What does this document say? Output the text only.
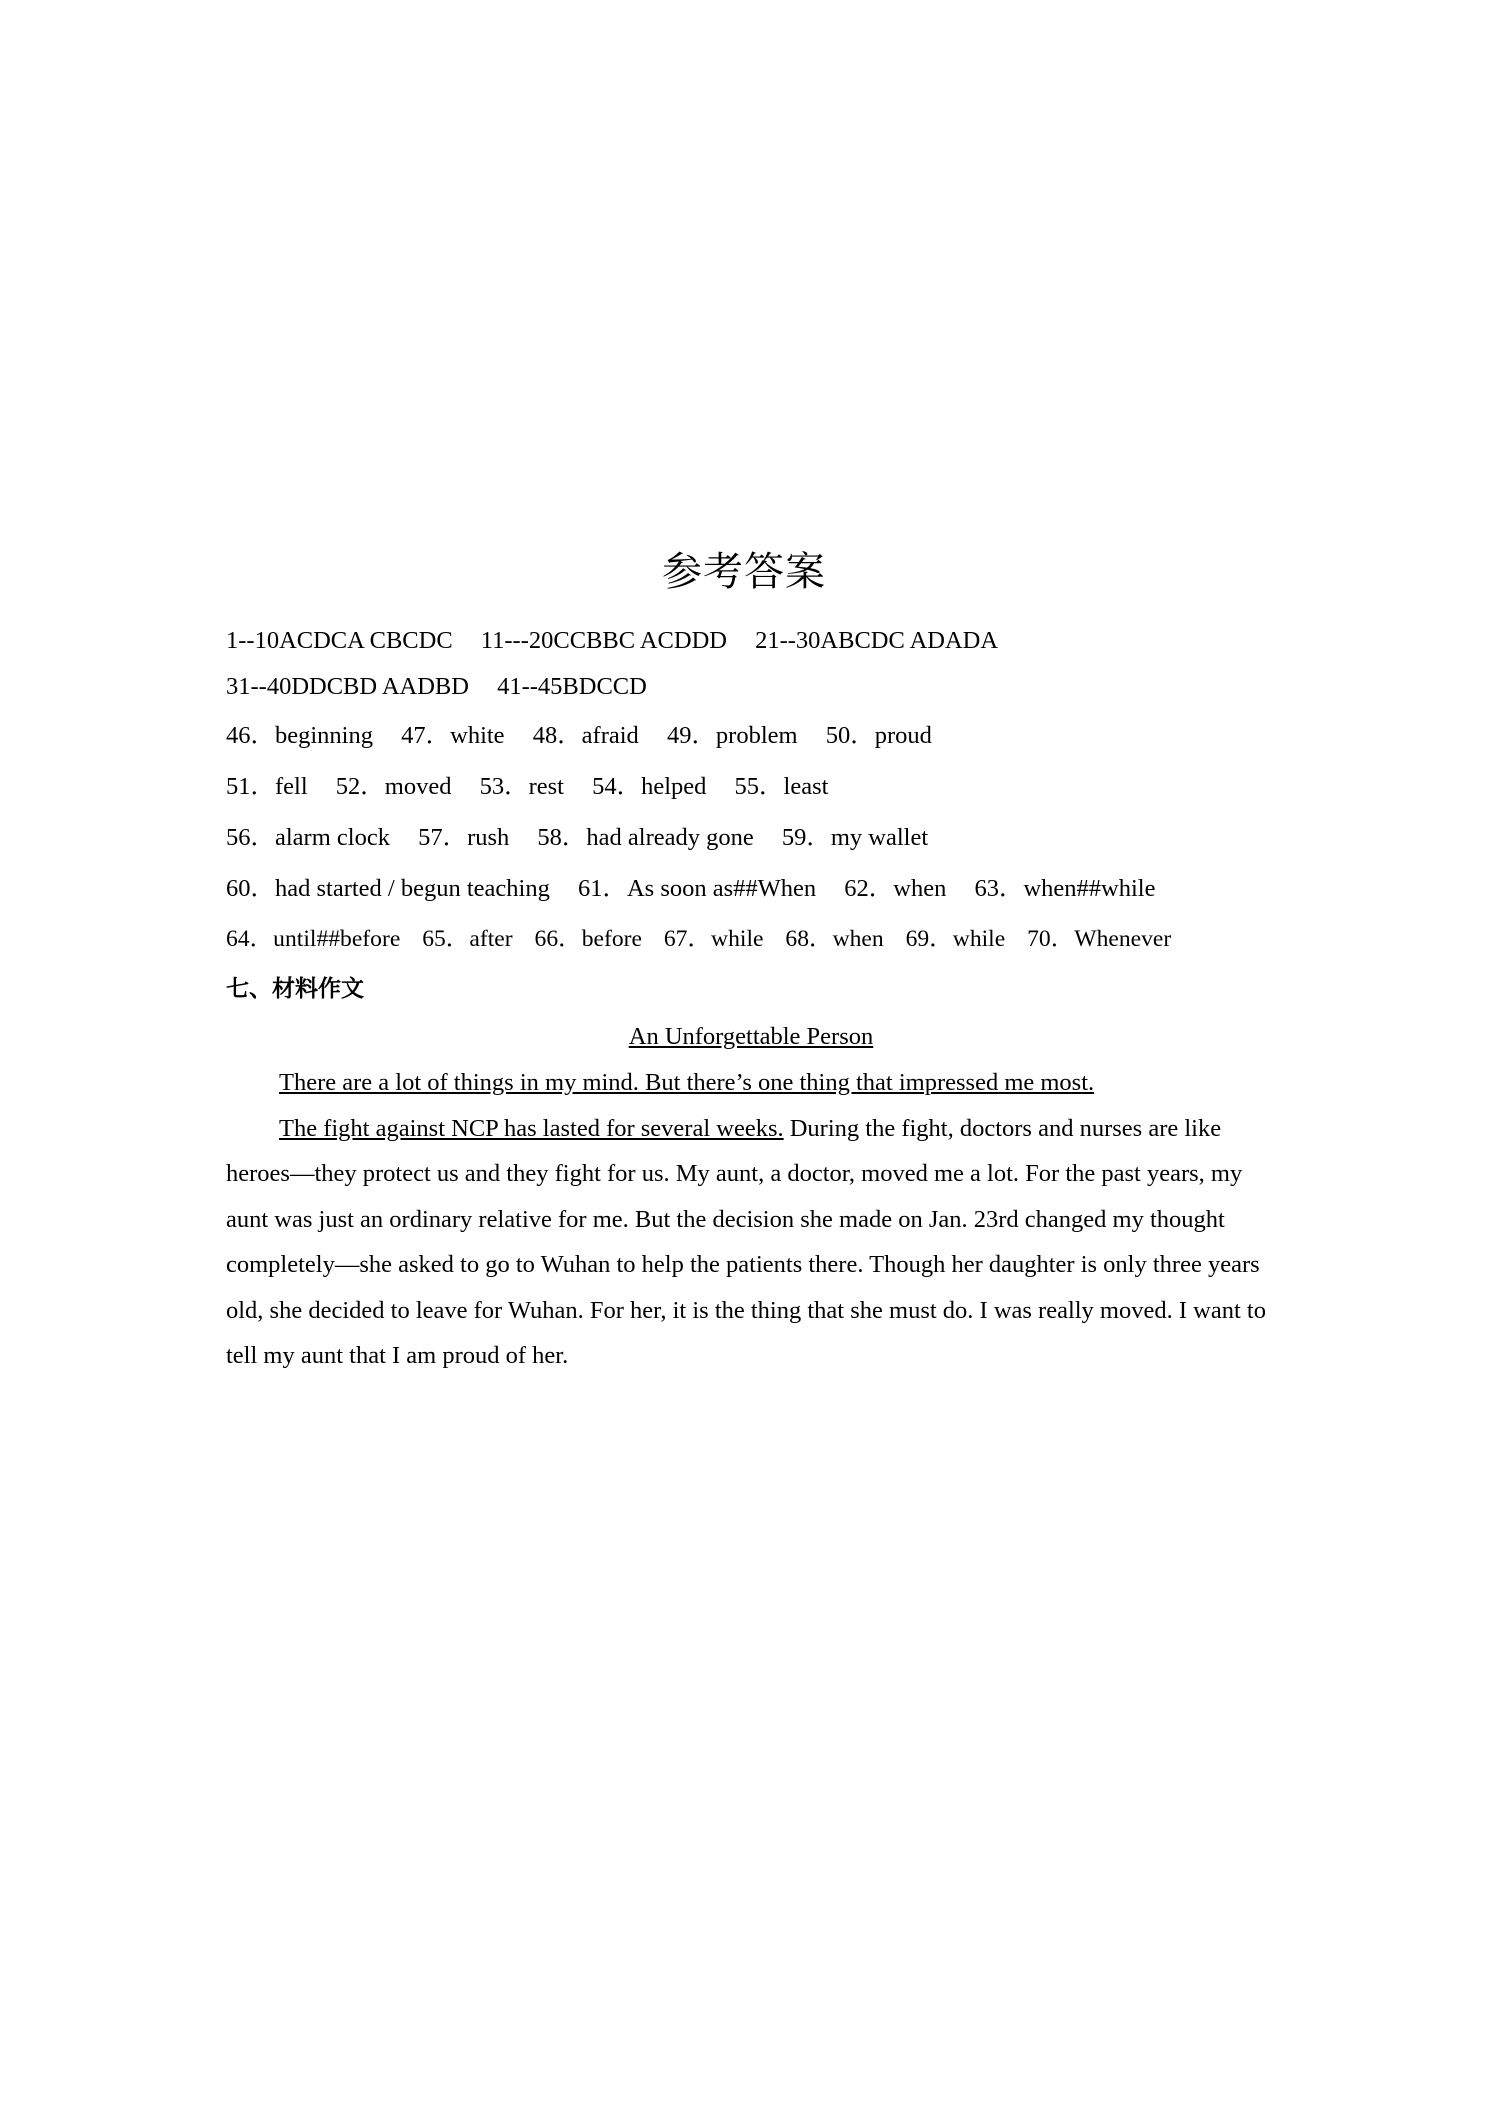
参考答案
1--10ACDCA CBCDC 11---20CCBBC ACDDD 21--30ABCDC ADADA
31--40DDCBD AADBD 41--45BDCCD
46．beginning 47．white 48．afraid 49．problem 50．proud
51．fell 52．moved 53．rest 54．helped 55．least
56．alarm clock 57．rush 58．had already gone 59．my wallet
60．had started / begun teaching 61．As soon as##When 62．when 63．when##while
64．until##before 65．after 66．before 67．while 68．when 69．while 70．Whenever
七、材料作文
An Unforgettable Person

There are a lot of things in my mind. But there’s one thing that impressed me most.

The fight against NCP has lasted for several weeks. During the fight, doctors and nurses are like heroes—they protect us and they fight for us. My aunt, a doctor, moved me a lot. For the past years, my aunt was just an ordinary relative for me. But the decision she made on Jan. 23rd changed my thought completely—she asked to go to Wuhan to help the patients there. Though her daughter is only three years old, she decided to leave for Wuhan. For her, it is the thing that she must do. I was really moved. I want to tell my aunt that I am proud of her.
